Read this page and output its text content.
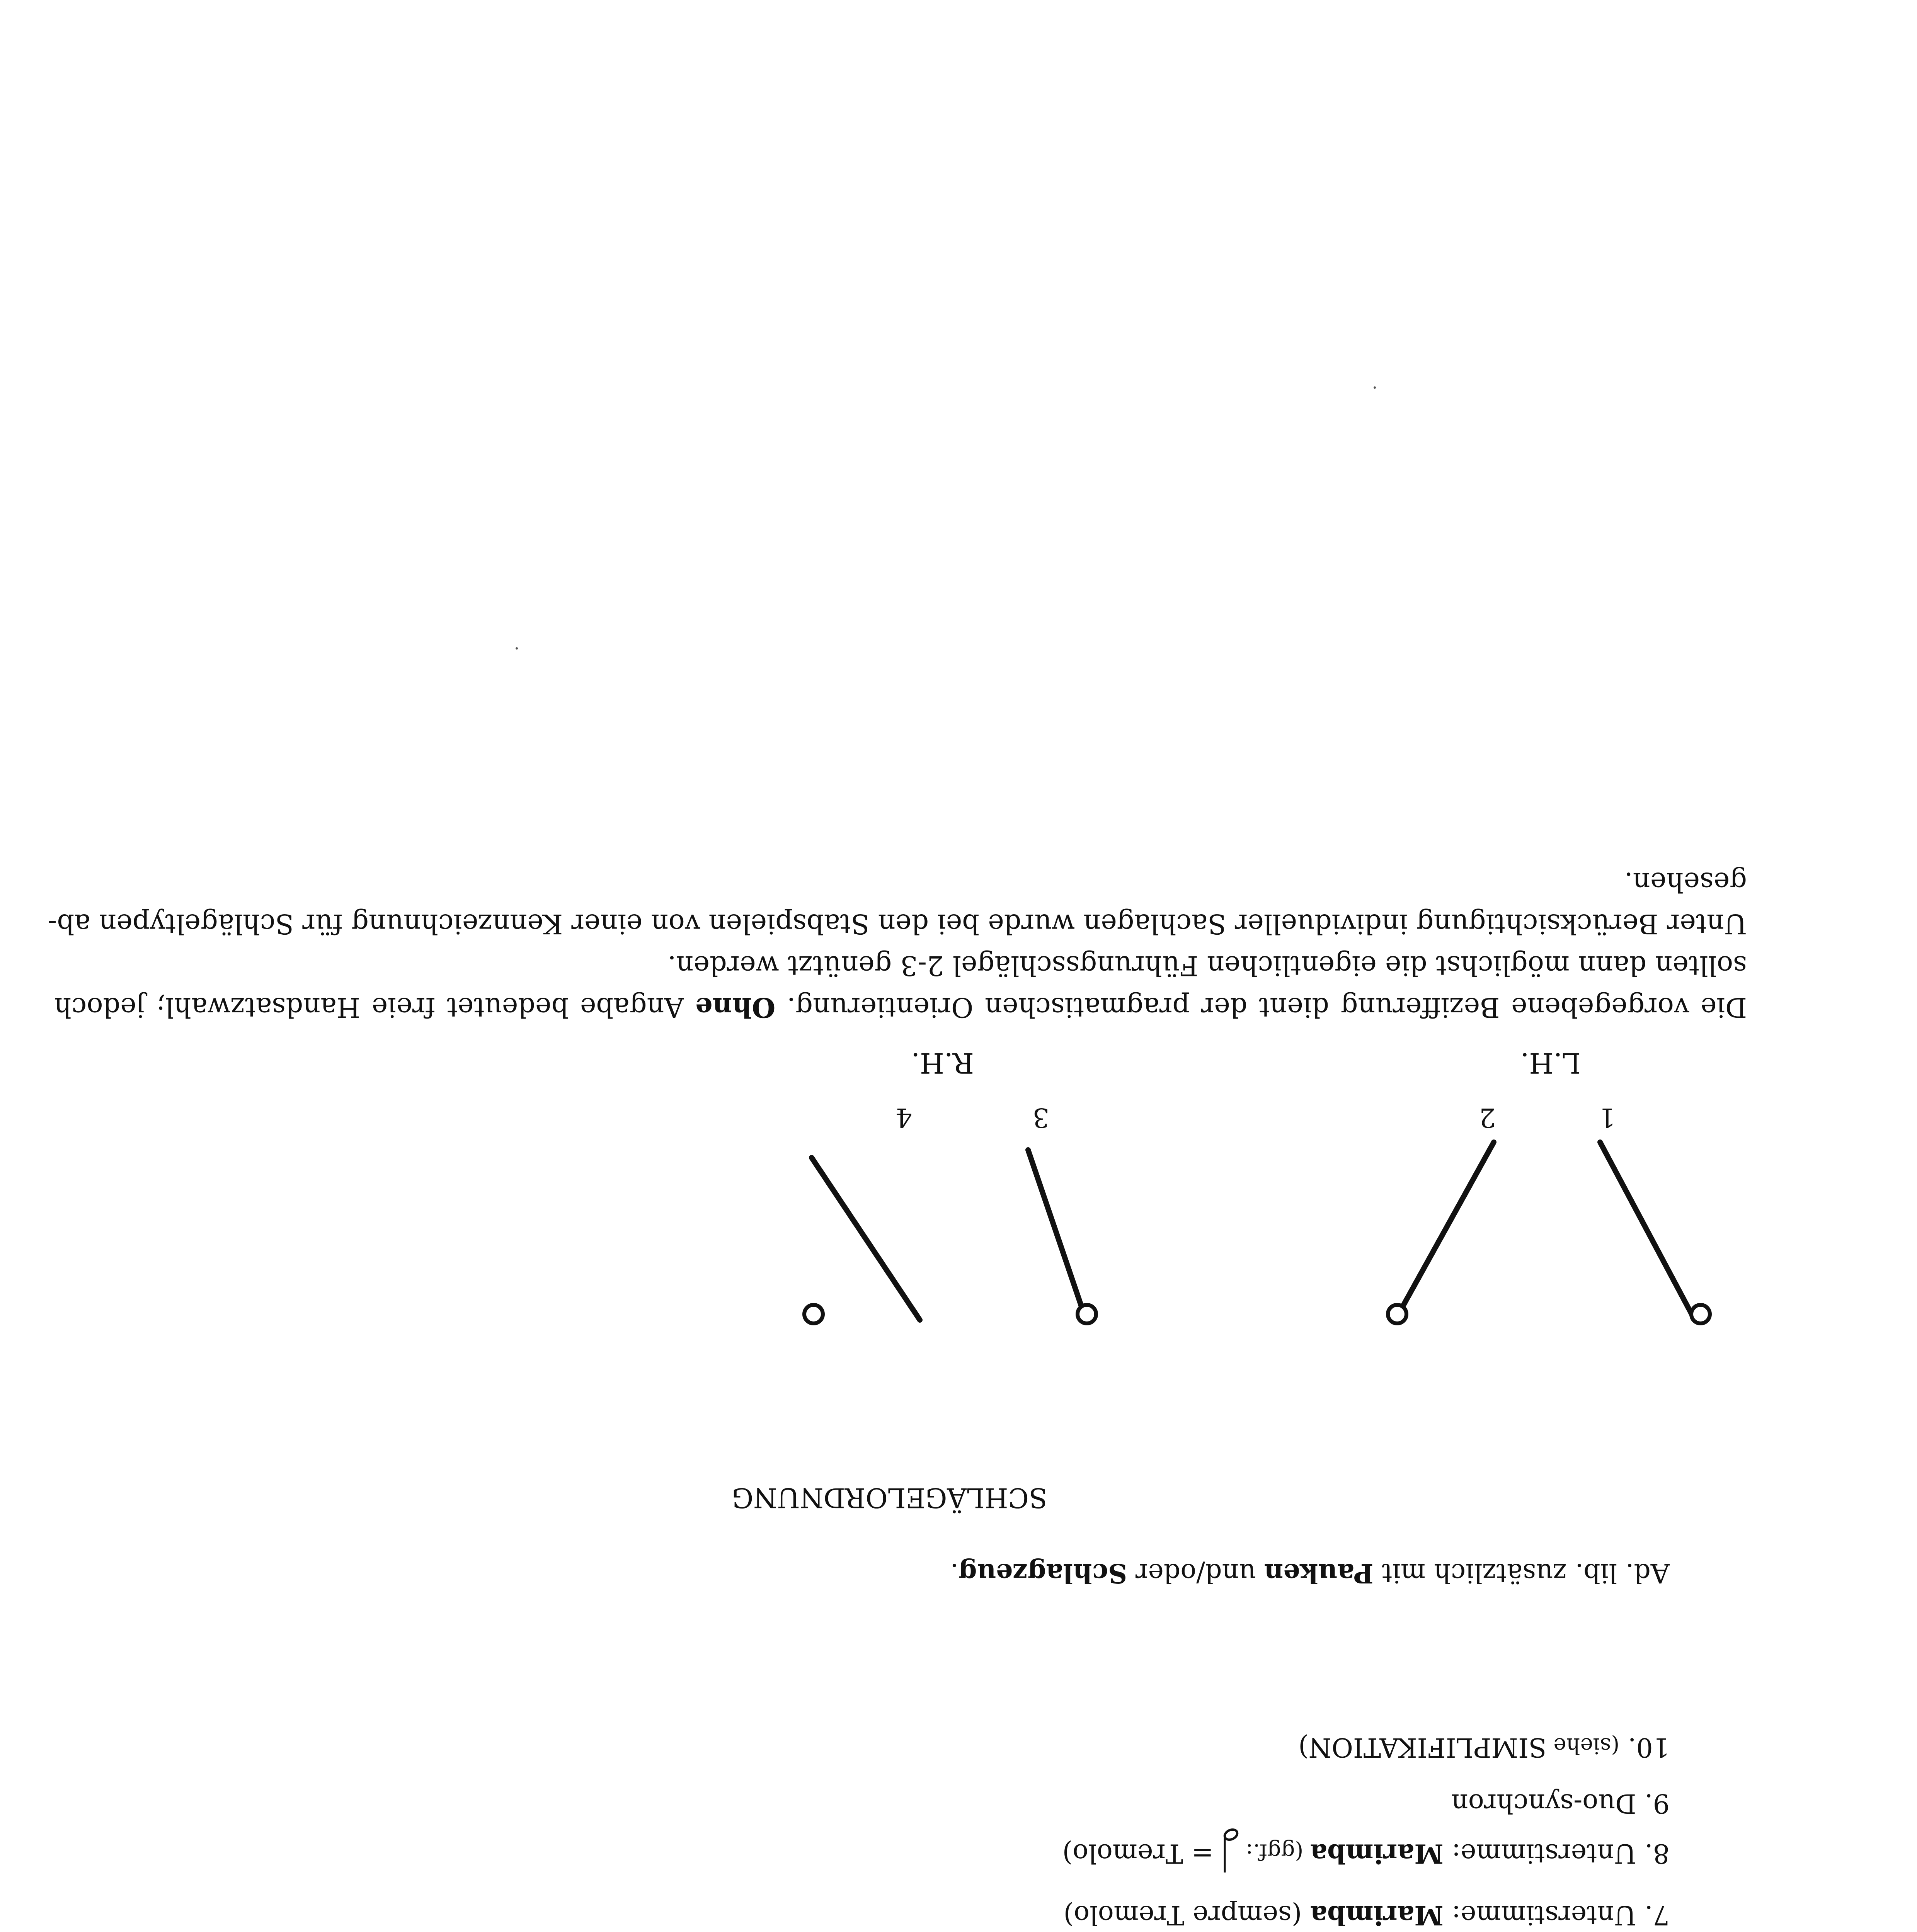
7. Unterstimme: Marimba (sempre Tremolo)
8. Unterstimme: Marimba (ggf.:  = Tremolo)
9. Duo-synchron
10. (siehe SIMPLIFIKATION)
Ad. lib. zusätzlich mit Pauken und/oder Schlagzeug.
SCHLÄGELORDNUNG
4	3	2	1
R.H.	L.H.
Die vorgegebene Bezifferung dient der pragmatischen Orientierung. Ohne Angabe bedeutet freie Handsatzwahl; jedoch
sollten dann möglichst die eigentlichen Führungsschlägel 2-3 genützt werden.
Unter Berücksichtigung individueller Sachlagen wurde bei den Stabspielen von einer Kennzeichnung für Schlägeltypen ab-
gesehen.
